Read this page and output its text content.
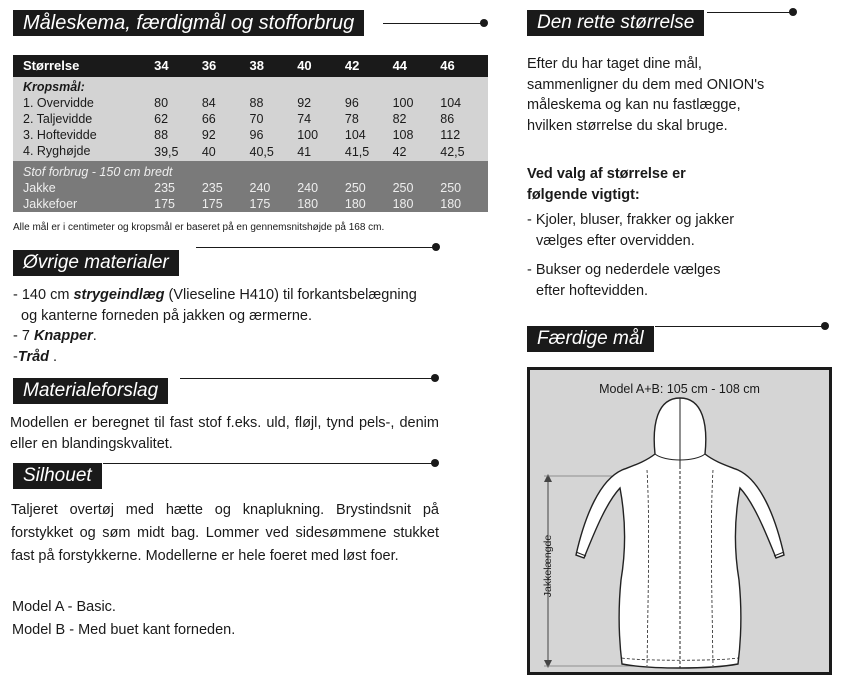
Måleskema, færdigmål og stofforbrug
Størrelse	34	36	38	40	42	44	46
Kropsmål:							
1. Overvidde	80	84	88	92	96	100	104
2. Taljevidde	62	66	70	74	78	82	86
3. Hoftevidde	88	92	96	100	104	108	112
4. Ryghøjde	39,5	40	40,5	41	41,5	42	42,5
Stof forbrug - 150 cm bredt							
Jakke	235	235	240	240	250	250	250
Jakkefoer	175	175	175	180	180	180	180
Alle mål er i centimeter og kropsmål er baseret på en gennemsnitshøjde på 168 cm.
Øvrige materialer
- 140 cm strygeindlæg (Vlieseline H410) til forkantsbelægning
og kanterne forneden på jakken og ærmerne.
- 7 Knapper.
-Tråd .
Materialeforslag
Modellen er beregnet til fast stof f.eks. uld, fløjl, tynd pels-, denim eller en blandingskvalitet.
Silhouet
Taljeret overtøj med hætte og knaplukning. Brystindsnit på forstykket og søm midt bag. Lommer ved sidesømmene stukket fast på forstykkerne. Modellerne er hele foeret med løst foer.
Model A - Basic.
Model B - Med buet kant forneden.
Den rette størrelse
Efter du har taget dine mål, sammenligner du dem med ONION's måleskema og kan nu fastlægge, hvilken størrelse du skal bruge.
Ved valg af størrelse er
følgende vigtigt:
- Kjoler, bluser, frakker og jakker
vælges efter overvidden.
- Bukser og nederdele vælges
efter hoftevidden.
Færdige mål
Model A+B: 105 cm - 108 cm
Jakkelængde
